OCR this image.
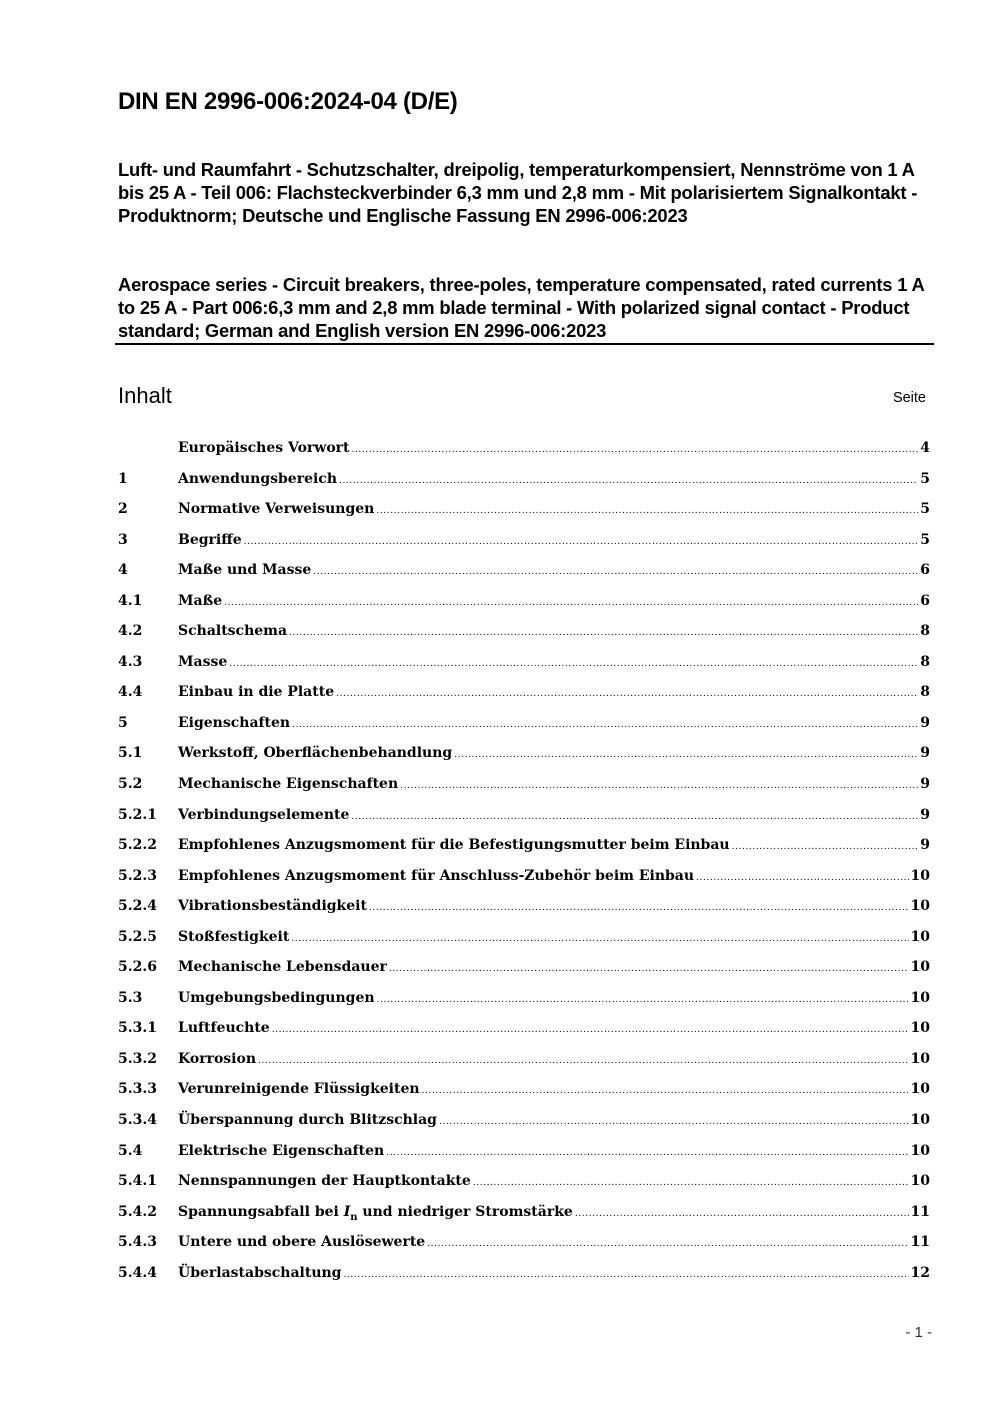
DIN EN 2996-006:2024-04 (D/E)
Luft- und Raumfahrt - Schutzschalter, dreipolig, temperaturkompensiert, Nennströme von 1 A bis 25 A - Teil 006: Flachsteckverbinder 6,3 mm und 2,8 mm - Mit polarisiertem Signalkontakt - Produktnorm; Deutsche und Englische Fassung EN 2996-006:2023
Aerospace series - Circuit breakers, three-poles, temperature compensated, rated currents 1 A to 25 A - Part 006:6,3 mm and 2,8 mm blade terminal - With polarized signal contact - Product standard; German and English version EN 2996-006:2023
Inhalt	Seite
Europäisches Vorwort .....	4
1	Anwendungsbereich .....	5
2	Normative Verweisungen .....	5
3	Begriffe .....	5
4	Maße und Masse .....	6
4.1	Maße .....	6
4.2	Schaltschema .....	8
4.3	Masse .....	8
4.4	Einbau in die Platte .....	8
5	Eigenschaften .....	9
5.1	Werkstoff, Oberflächenbehandlung .....	9
5.2	Mechanische Eigenschaften .....	9
5.2.1	Verbindungselemente .....	9
5.2.2	Empfohlenes Anzugsmoment für die Befestigungsmutter beim Einbau .....	9
5.2.3	Empfohlenes Anzugsmoment für Anschluss-Zubehör beim Einbau .....	10
5.2.4	Vibrationsbeständigkeit .....	10
5.2.5	Stoßfestigkeit .....	10
5.2.6	Mechanische Lebensdauer .....	10
5.3	Umgebungsbedingungen .....	10
5.3.1	Luftfeuchte .....	10
5.3.2	Korrosion .....	10
5.3.3	Verunreinigende Flüssigkeiten .....	10
5.3.4	Überspannung durch Blitzschlag .....	10
5.4	Elektrische Eigenschaften .....	10
5.4.1	Nennspannungen der Hauptkontakte .....	10
5.4.2	Spannungsabfall bei $I_n$ und niedriger Stromstärke .....	11
5.4.3	Untere und obere Auslösewerte .....	11
5.4.4	Überlastabschaltung .....	12
- 1 -
